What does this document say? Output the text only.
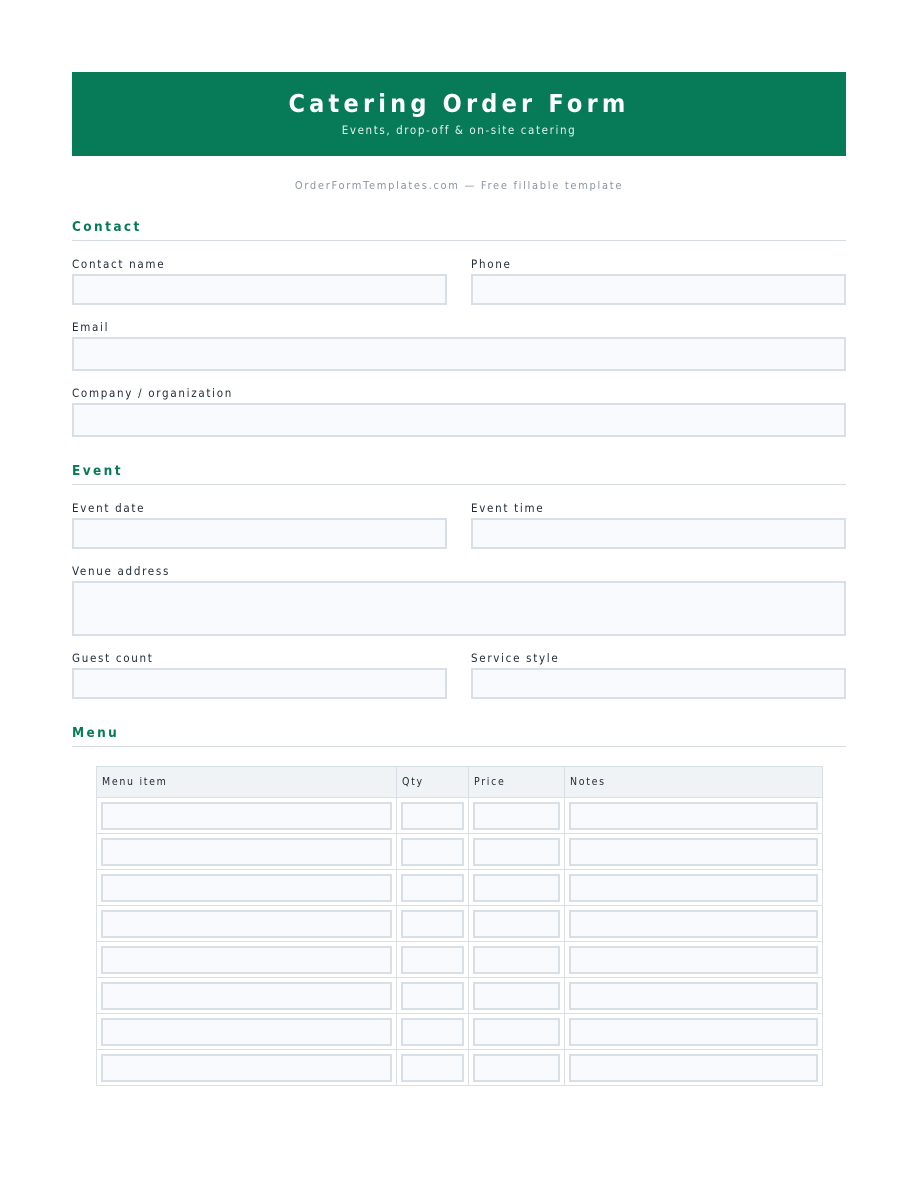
Catering Order Form
Events, drop-off & on-site catering
OrderFormTemplates.com — Free fillable template
Contact
Contact name	Phone
Email
Company / organization
Event
Event date	Event time
Venue address
Guest count	Service style
Menu
Menu item	Qty	Price	Notes
